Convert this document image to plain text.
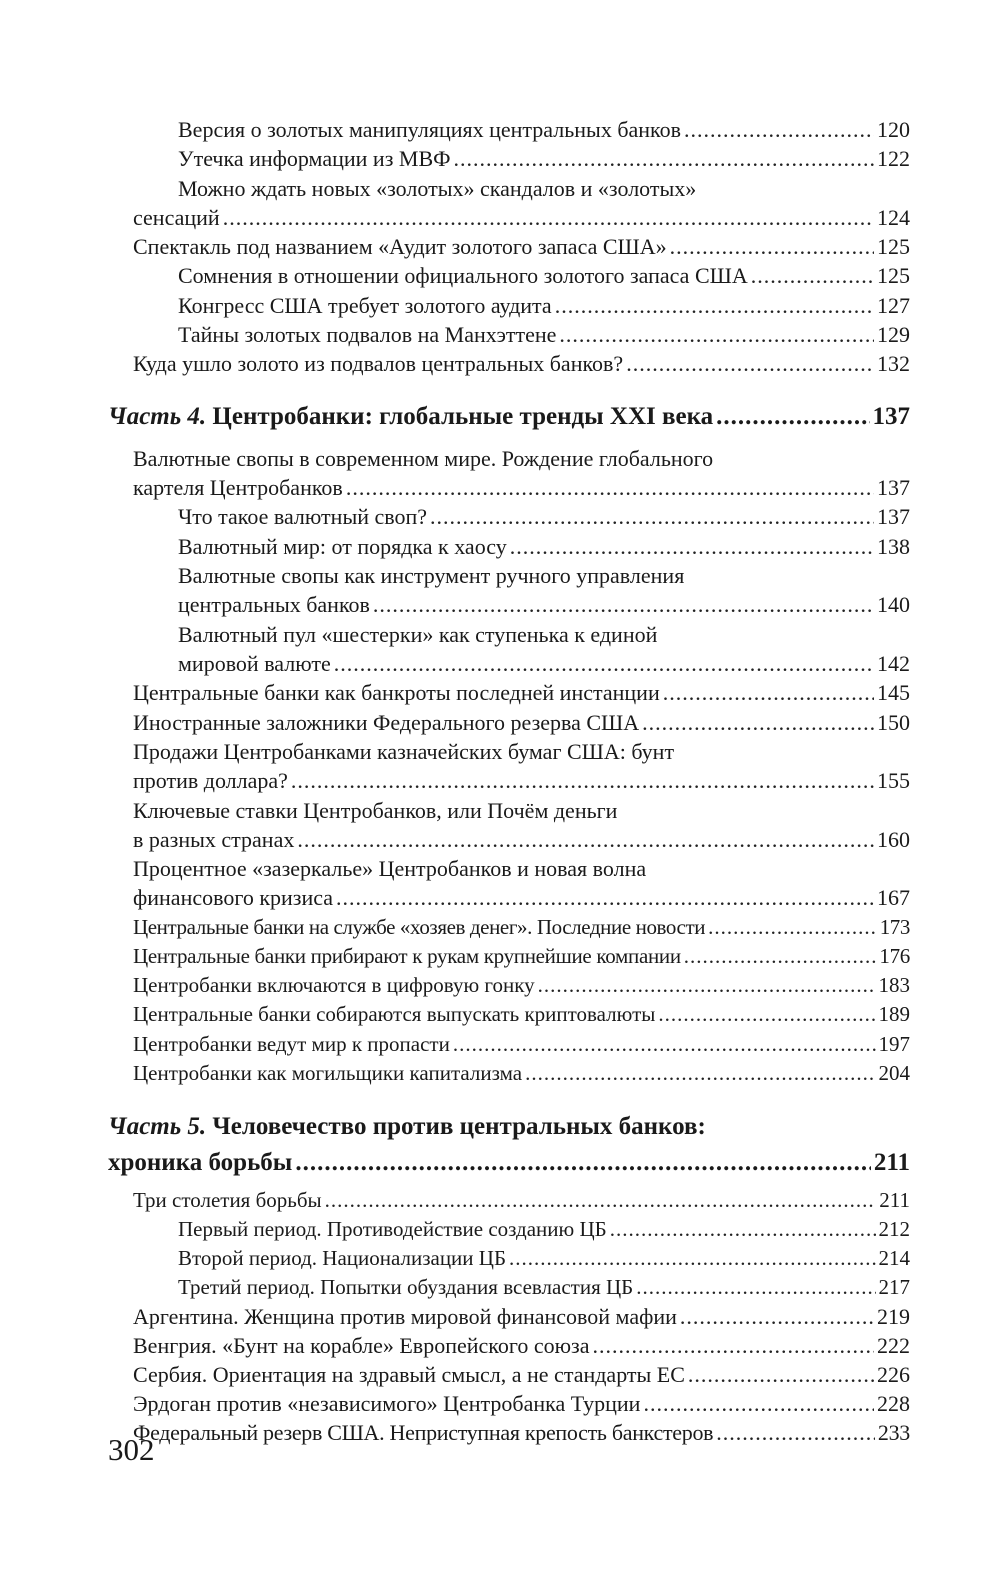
Версия о золотых манипуляциях центральных банков .....	120
Утечка информации из МВФ .....	122
Можно ждать новых «золотых» скандалов и «золотых»
сенсаций .....	124
Спектакль под названием «Аудит золотого запаса США» .....	125
Сомнения в отношении официального золотого запаса США .....	125
Конгресс США требует золотого аудита .....	127
Тайны золотых подвалов на Манхэттене .....	129
Куда ушло золото из подвалов центральных банков? .....	132
Часть 4.
Центробанки: глобальные тренды XXI века .....	137
Валютные свопы в современном мире. Рождение глобального
картеля Центробанков .....	137
Что такое валютный своп? .....	137
Валютный мир: от порядка к хаосу .....	138
Валютные свопы как инструмент ручного управления
центральных банков .....	140
Валютный пул «шестерки» как ступенька к единой
мировой валюте .....	142
Центральные банки как банкроты последней инстанции .....	145
Иностранные заложники Федерального резерва США .....	150
Продажи Центробанками казначейских бумаг США: бунт
против доллара? .....	155
Ключевые ставки Центробанков, или Почём деньги
в разных странах .....	160
Процентное «зазеркалье» Центробанков и новая волна
финансового кризиса .....	167
Центральные банки на службе «хозяев денег». Последние новости .....	173
Центральные банки прибирают к рукам крупнейшие компании .....	176
Центробанки включаются в цифровую гонку .....	183
Центральные банки собираются выпускать криптовалюты .....	189
Центробанки ведут мир к пропасти .....	197
Центробанки как могильщики капитализма .....	204
Часть 5. Человечество против центральных банков:
хроника борьбы .....	211
Три столетия борьбы .....	211
Первый период. Противодействие созданию ЦБ .....	212
Второй период. Национализации ЦБ .....	214
Третий период. Попытки обуздания всевластия ЦБ .....	217
Аргентина. Женщина против мировой финансовой мафии .....	219
Венгрия. «Бунт на корабле» Европейского союза .....	222
Сербия. Ориентация на здравый смысл, а не стандарты ЕС .....	226
Эрдоган против «независимого» Центробанка Турции .....	228
Федеральный резерв США. Неприступная крепость банкстеров .....	233
302
